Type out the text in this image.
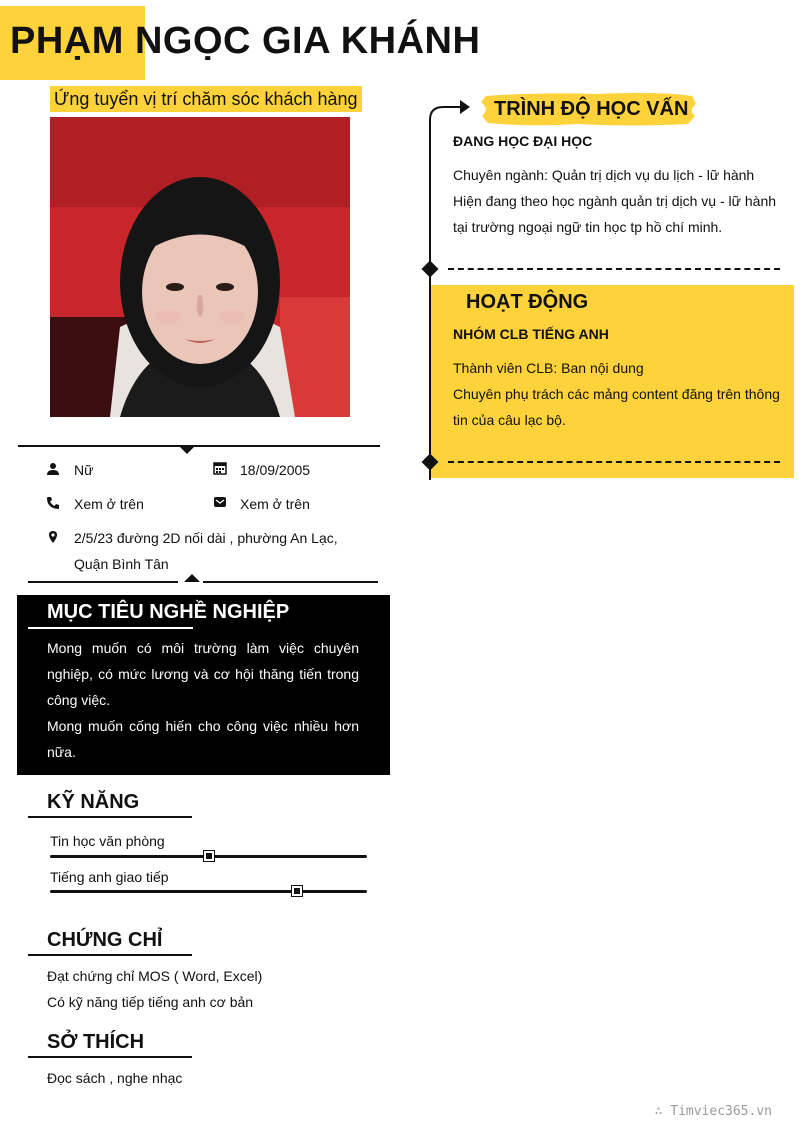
PHẠM NGỌC GIA KHÁNH
Ứng tuyển vị trí chăm sóc khách hàng
Nữ	18/09/2005
Xem ở trên	Xem ở trên
2/5/23 đường 2D nối dài , phường An Lạc,
Quận Bình Tân
MỤC TIÊU NGHỀ NGHIỆP
Mong muốn có môi trường làm việc chuyên
nghiệp, có mức lương và cơ hội thăng tiến trong
công việc.
Mong muốn cống hiến cho công việc nhiều hơn
nữa.
KỸ NĂNG
Tin học văn phòng
Tiếng anh giao tiếp
CHỨNG CHỈ
Đạt chứng chỉ MOS ( Word, Excel)
Có kỹ năng tiếp tiếng anh cơ bản
SỞ THÍCH
Đọc sách , nghe nhạc
TRÌNH ĐỘ HỌC VẤN
ĐANG HỌC ĐẠI HỌC
Chuyên ngành: Quản trị dịch vụ du lịch - lữ hành
Hiện đang theo học ngành quản trị dịch vụ - lữ hành
tại trường ngoại ngữ tin học tp hồ chí minh.
HOẠT ĐỘNG
NHÓM CLB TIẾNG ANH
Thành viên CLB: Ban nội dung
Chuyên phụ trách các mảng content đăng trên thông
tin của câu lạc bộ.
∴ Timviec365.vn
